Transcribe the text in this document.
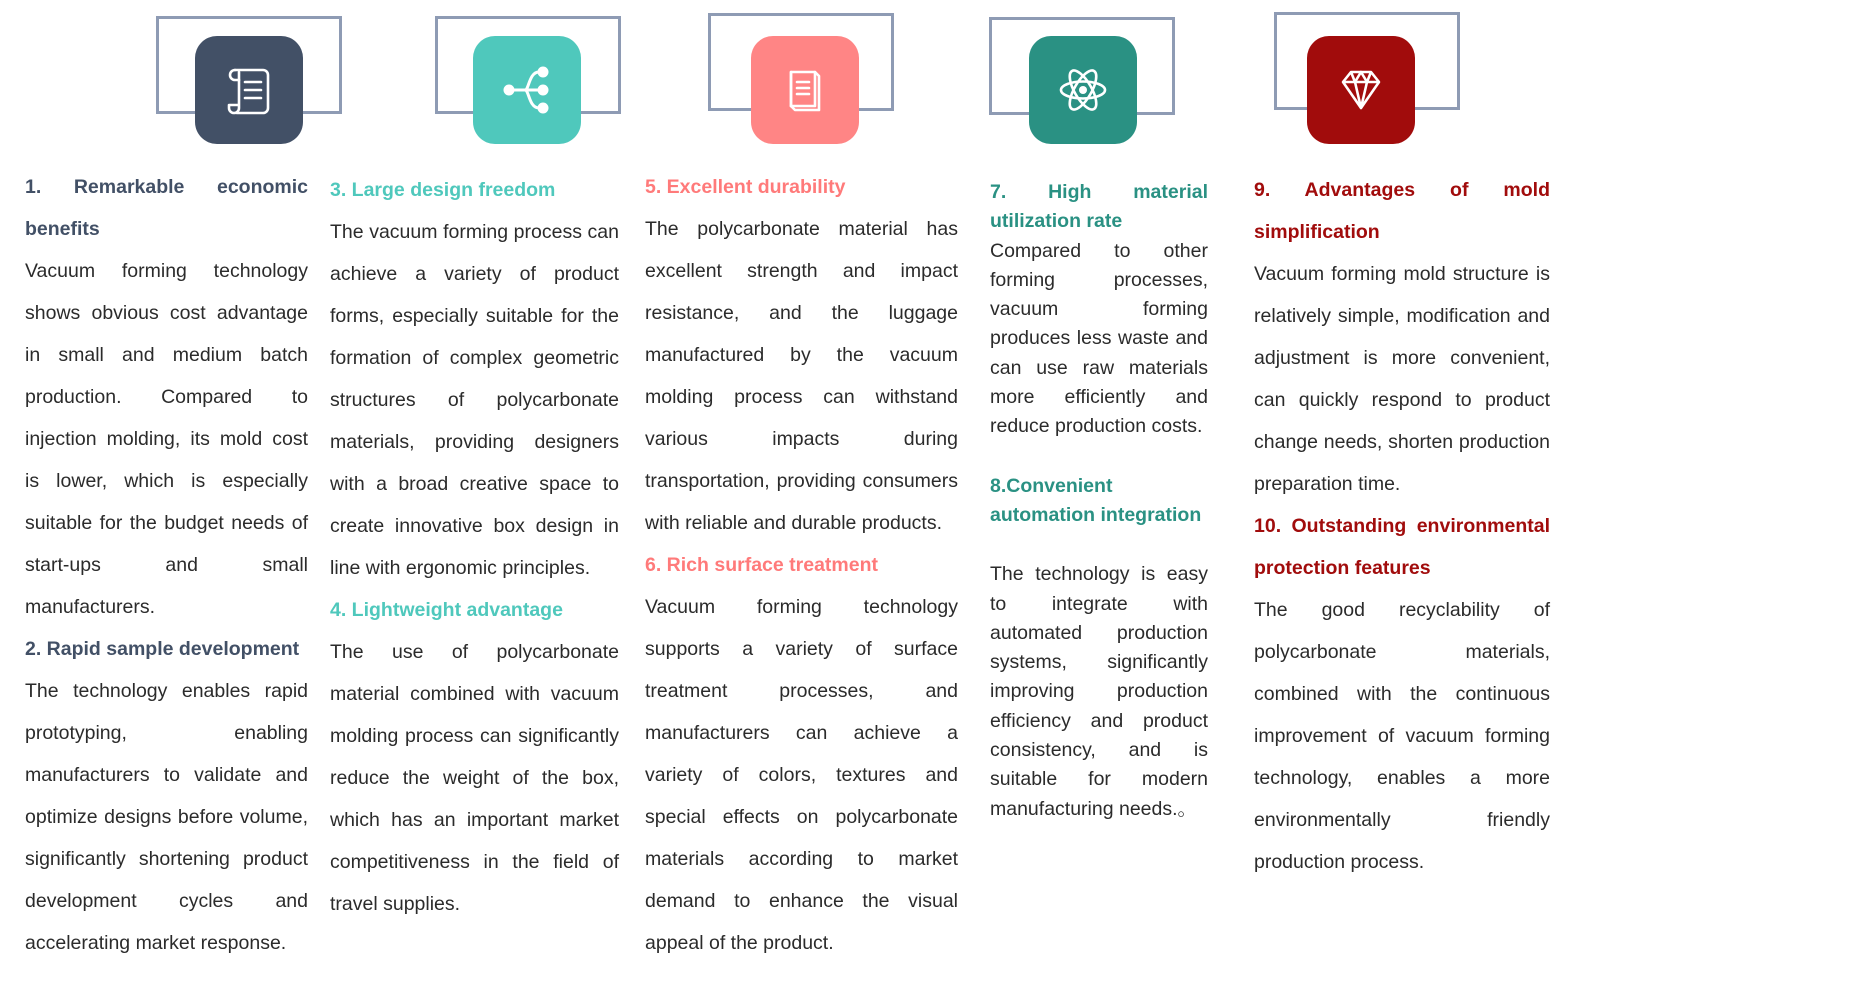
1. Remarkable economic benefits

Vacuum forming technology shows obvious cost advantage in small and medium batch production. Compared to injection molding, its mold cost is lower, which is especially suitable for the budget needs of start-ups and small manufacturers.

2. Rapid sample development

The technology enables rapid prototyping, enabling manufacturers to validate and optimize designs before volume, significantly shortening product development cycles and accelerating market response.

3. Large design freedom

The vacuum forming process can achieve a variety of product forms, especially suitable for the formation of complex geometric structures of polycarbonate materials, providing designers with a broad creative space to create innovative box design in line with ergonomic principles.

4. Lightweight advantage

The use of polycarbonate material combined with vacuum molding process can significantly reduce the weight of the box, which has an important market competitiveness in the field of travel supplies.

5. Excellent durability

The polycarbonate material has excellent strength and impact resistance, and the luggage manufactured by the vacuum molding process can withstand various impacts during transportation, providing consumers with reliable and durable products.

6. Rich surface treatment

Vacuum forming technology supports a variety of surface treatment processes, and manufacturers can achieve a variety of colors, textures and special effects on polycarbonate materials according to market demand to enhance the visual appeal of the product.

7. High material utilization rate

Compared to other forming processes, vacuum forming produces less waste and can use raw materials more efficiently and reduce production costs.

8.Convenient automation integration

The technology is easy to integrate with automated production systems, significantly improving production efficiency and product consistency, and is suitable for modern manufacturing needs.。

9. Advantages of mold simplification

Vacuum forming mold structure is relatively simple, modification and adjustment is more convenient, can quickly respond to product change needs, shorten production preparation time.

10. Outstanding environmental protection features

The good recyclability of polycarbonate materials, combined with the continuous improvement of vacuum forming technology, enables a more environmentally friendly production process.
